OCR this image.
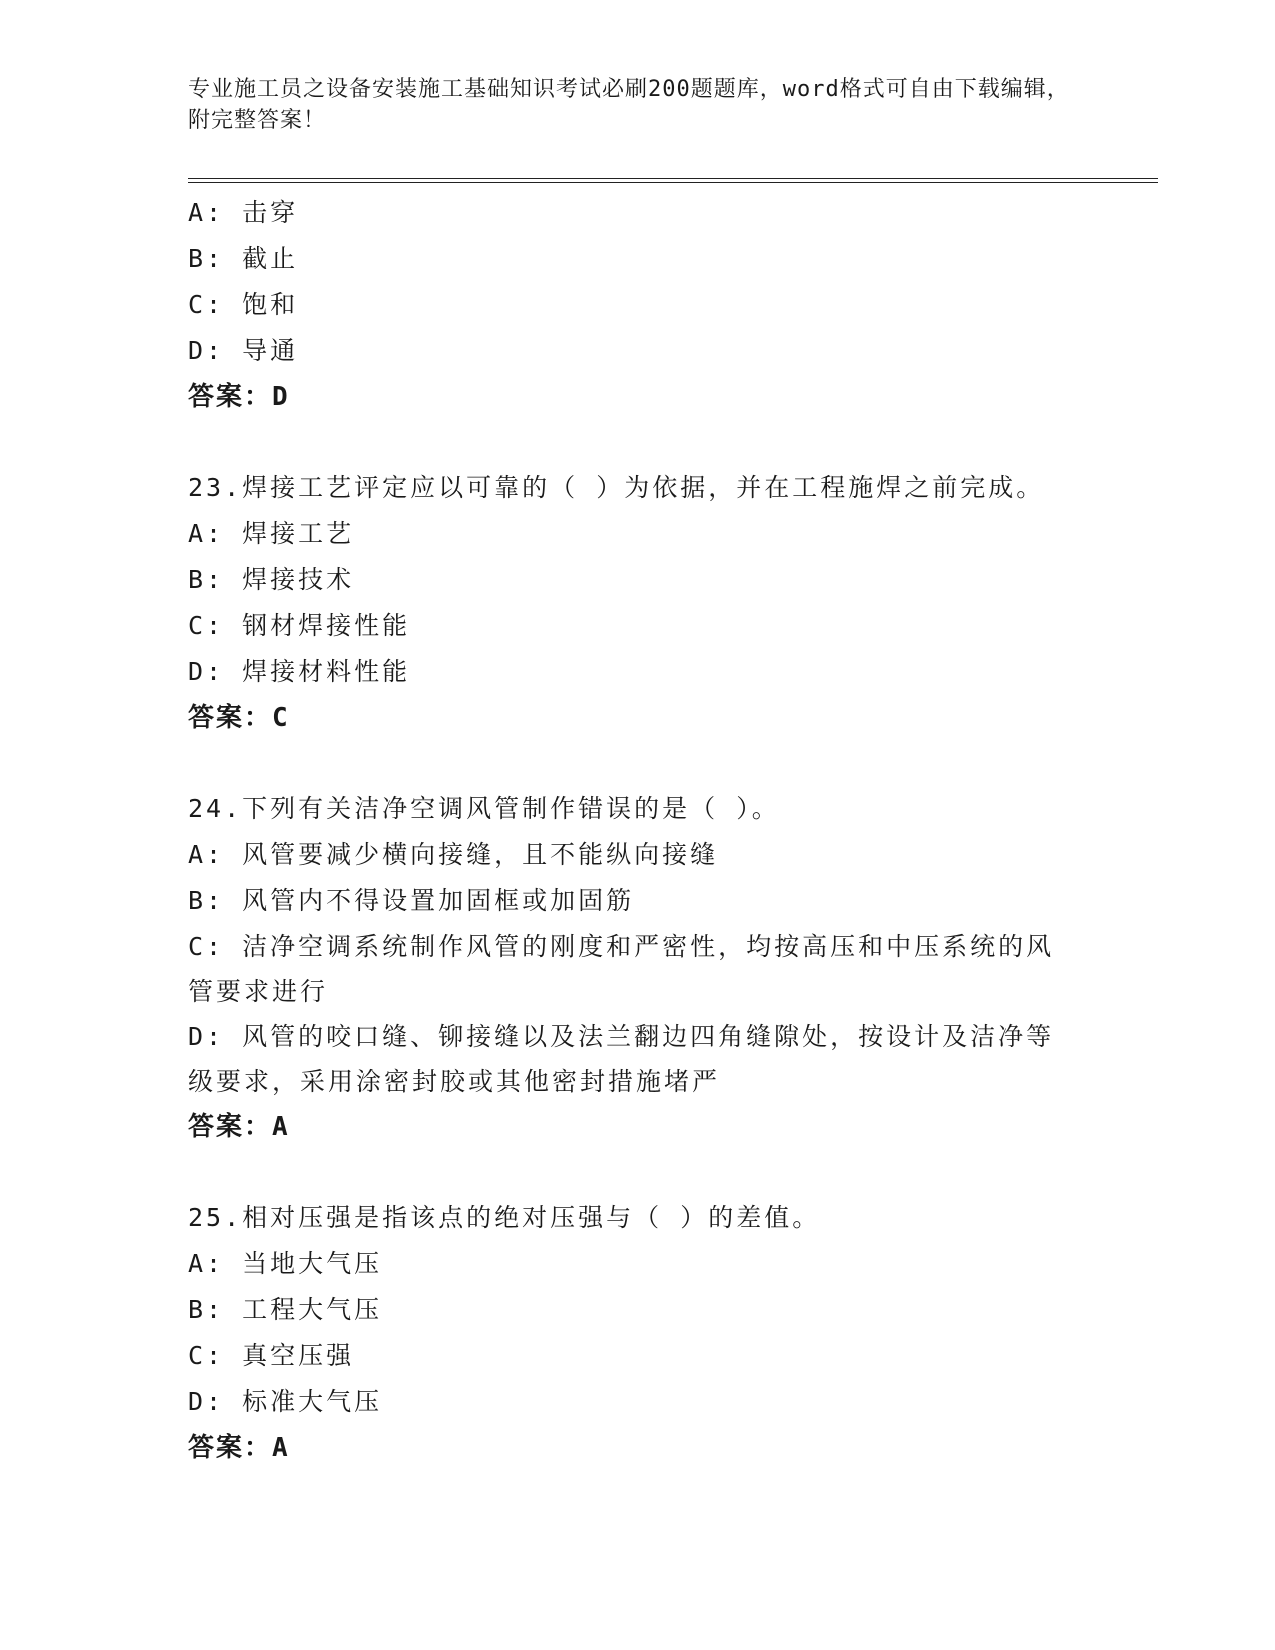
专业施工员之设备安装施工基础知识考试必刷200题题库，word格式可自由下载编辑，附完整答案！
A: 击穿
B: 截止
C: 饱和
D: 导通
答案：D
23.焊接工艺评定应以可靠的（ ）为依据，并在工程施焊之前完成。
A: 焊接工艺
B: 焊接技术
C: 钢材焊接性能
D: 焊接材料性能
答案：C
24.下列有关洁净空调风管制作错误的是（ ）。
A: 风管要减少横向接缝，且不能纵向接缝
B: 风管内不得设置加固框或加固筋
C: 洁净空调系统制作风管的刚度和严密性，均按高压和中压系统的风管要求进行
D: 风管的咬口缝、铆接缝以及法兰翻边四角缝隙处，按设计及洁净等级要求，采用涂密封胶或其他密封措施堵严
答案：A
25.相对压强是指该点的绝对压强与（ ）的差值。
A: 当地大气压
B: 工程大气压
C: 真空压强
D: 标准大气压
答案：A
